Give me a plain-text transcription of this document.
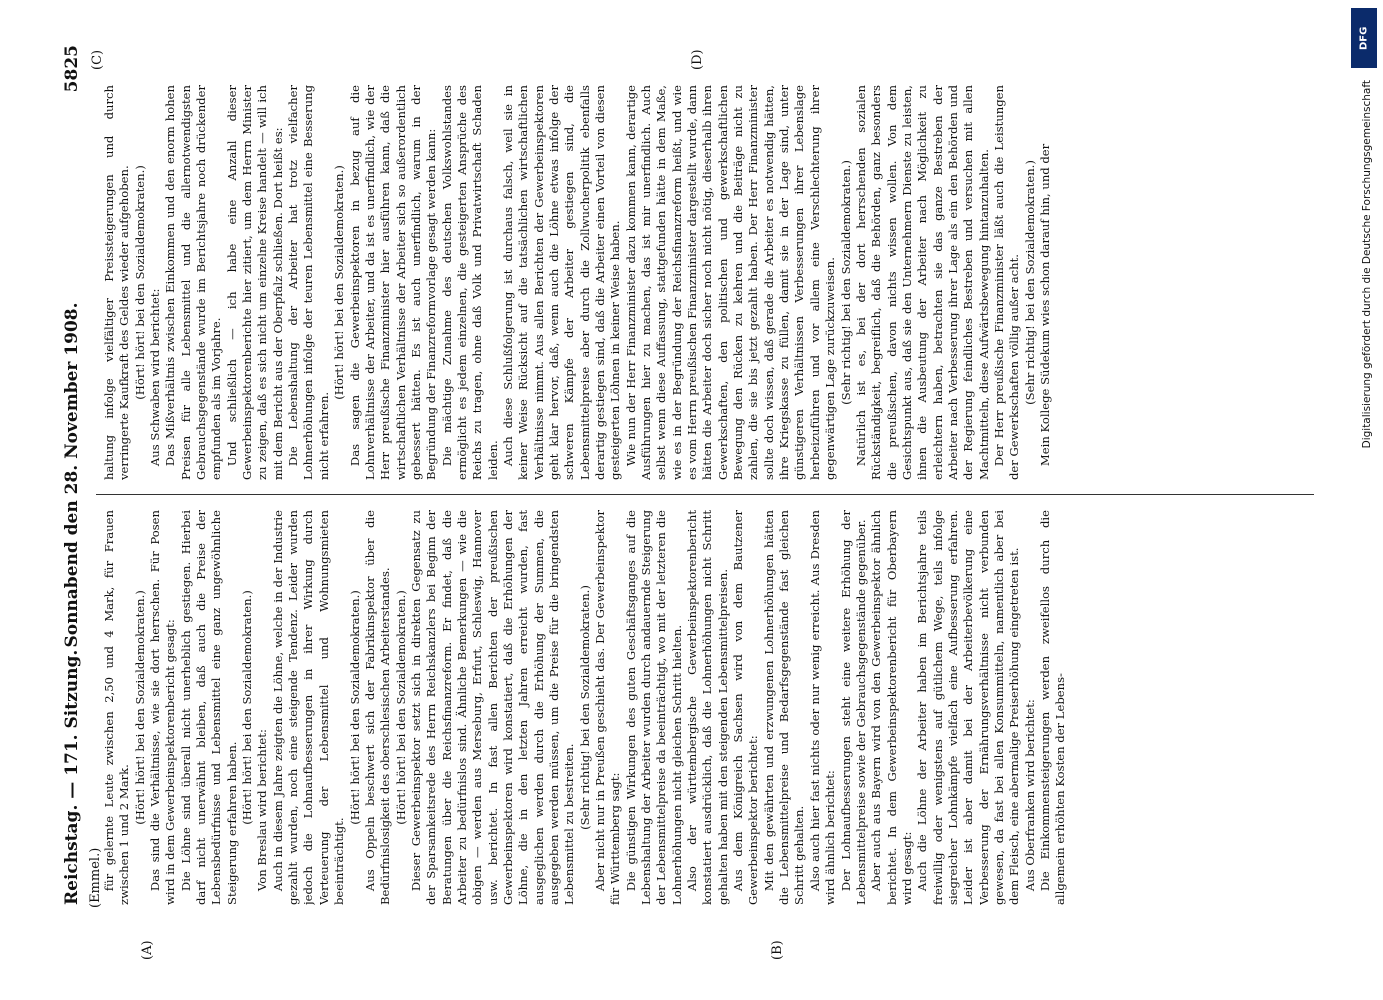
Reichstag. — 171. Sitzung.
Sonnabend den 28. November 1908.
5825
(Emmel.)
(A)	(B)
(C)	(D)

für gelernte Leute zwischen 2,50 und 4 Mark, für Frauen zwischen 1 und 2 Mark.

(Hört! hört! bei den Sozialdemokraten.) Das sind die Verhältnisse, wie sie dort herrschen. Für Posen wird in dem Gewerbeinspektorenbericht gesagt: Die Löhne sind überall nicht unerheblich gestiegen. Hierbei darf nicht unerwähnt bleiben, daß auch die Preise der Lebensbedürfnisse und Lebensmittel eine ganz ungewöhnliche Steigerung erfahren haben. (Hört! hört! bei den Sozialdemokraten.) Von Breslau wird berichtet: Auch in diesem Jahre zeigten die Löhne, welche in der Industrie gezahlt wurden, noch eine steigende Tendenz. Leider wurden jedoch die Lohnaufbesserungen in ihrer Wirkung durch Verteuerung der Lebensmittel und Wohnungsmieten beeinträchtigt.

(Hört! hört! bei den Sozialdemokraten.) Aus Oppeln beschwert sich der Fabrikinspektor über die Bedürfnislosigkeit des oberschlesischen Arbeiterstandes. (Hört! hört! bei den Sozialdemokraten.) Dieser Gewerbeinspektor setzt sich in direkten Gegensatz zu der Sparsamkeitsrede des Herrn Reichskanzlers bei Beginn der Beratungen über die Reichsfinanzreform. Er findet, daß die Arbeiter zu bedürfnislos sind. Ähnliche Bemerkungen — wie die obigen — werden aus Merseburg, Erfurt, Schleswig, Hannover usw. berichtet. In fast allen Berichten der preußischen Gewerbeinspektoren wird konstatiert, daß die Erhöhungen der Löhne, die in den letzten Jahren erreicht wurden, fast ausgeglichen werden durch die Erhöhung der Summen, die ausgegeben werden müssen, um die Preise für die bringendsten Lebensmittel zu bestreiten. (Sehr richtig! bei den Sozialdemokraten.) Aber nicht nur in Preußen geschieht das. Der Gewerbeinspektor für Württemberg sagt: Die günstigen Wirkungen des guten Geschäftsganges auf die Lebenshaltung der Arbeiter wurden durch andauernde Steigerung der Lebensmittelpreise da beeinträchtigt, wo mit der letzteren die Lohnerhöhungen nicht gleichen Schritt hielten. Also der württembergische Gewerbeinspektorenbericht konstatiert ausdrücklich, daß die Lohnerhöhungen nicht Schritt gehalten haben mit den steigenden Lebensmittelpreisen. Aus dem Königreich Sachsen wird von dem Bautzener Gewerbeinspektor berichtet: Mit den gewährten und erzwungenen Lohnerhöhungen hätten die Lebensmittelpreise und Bedarfsgegenstände fast gleichen Schritt gehalten. Also auch hier fast nichts oder nur wenig erreicht. Aus Dresden wird ähnlich berichtet: Der Lohnaufbesserungen steht eine weitere Erhöhung der Lebensmittelpreise sowie der Gebrauchsgegenstände gegenüber. Aber auch aus Bayern wird von den Gewerbeinspektor ähnlich berichtet. In dem Gewerbeinspektorenbericht für Oberbayern wird gesagt: Auch die Löhne der Arbeiter haben im Berichtsjahre teils freiwillig oder wenigstens auf gütlichem Wege, teils infolge siegreicher Lohnkämpfe vielfach eine Aufbesserung erfahren. Leider ist aber damit bei der Arbeiterbevölkerung eine Verbesserung der Ernährungsverhältnisse nicht verbunden gewesen, da fast bei allen Konsummitteln, namentlich aber bei dem Fleisch, eine abermalige Preiserhöhung eingetreten ist. Aus Oberfranken wird berichtet: Die Einkommensteigerungen werden zweifellos durch die allgemein erhöhten Kosten der Lebens-

haltung infolge vielfältiger Preissteigerungen und durch verringerte Kaufkraft des Geldes wieder aufgehoben. (Hört! hört! bei den Sozialdemokraten.) Aus Schwaben wird berichtet: Das Mißverhältnis zwischen Einkommen und den enorm hohen Preisen für alle Lebensmittel und die allernotwendigsten Gebrauchsgegenstände wurde im Berichtsjahre noch drückender empfunden als im Vorjahre. Und schließlich — ich habe eine Anzahl dieser Gewerbeinspektorenberichte hier zitiert, um dem Herrn Minister zu zeigen, daß es sich nicht um einzelne Kreise handelt — will ich mit dem Bericht aus der Oberpfalz schließen. Dort heißt es: Die Lebenshaltung der Arbeiter hat trotz vielfacher Lohnerhöhungen infolge der teuren Lebensmittel eine Besserung nicht erfahren.

(Hört! hört! bei den Sozialdemokraten.) Das sagen die Gewerbeinspektoren in bezug auf die Lohnverhältnisse der Arbeiter, und da ist es unerfindlich, wie der Herr preußische Finanzminister hier ausführen kann, daß die wirtschaftlichen Verhältnisse der Arbeiter sich so außerordentlich gebessert hätten. Es ist auch unerfindlich, warum in der Begründung der Finanzreformvorlage gesagt werden kann: Die mächtige Zunahme des deutschen Volkswohlstandes ermöglicht es jedem einzelnen, die gesteigerten Ansprüche des Reichs zu tragen, ohne daß Volk und Privatwirtschaft Schaden leiden. Auch diese Schlußfolgerung ist durchaus falsch, weil sie in keiner Weise Rücksicht auf die tatsächlichen wirtschaftlichen Verhältnisse nimmt. Aus allen Berichten der Gewerbeinspektoren geht klar hervor, daß, wenn auch die Löhne etwas infolge der schweren Kämpfe der Arbeiter gestiegen sind, die Lebensmittelpreise aber durch die Zollwucherpolitik ebenfalls derartig gestiegen sind, daß die Arbeiter einen Vorteil von diesen gesteigerten Löhnen in keiner Weise haben. Wie nun der Herr Finanzminister dazu kommen kann, derartige Ausführungen hier zu machen, das ist mir unerfindlich. Auch selbst wenn diese Auffassung, stattgefunden hätte in dem Maße, wie es in der Begründung der Reichsfinanzreform heißt, und wie es vom Herrn preußischen Finanzminister dargestellt wurde, dann hätten die Arbeiter doch sicher noch nicht nötig, dieserhalb ihren Gewerkschaften, den politischen und gewerkschaftlichen Bewegung den Rücken zu kehren und die Beiträge nicht zu zahlen, die sie bis jetzt gezahlt haben. Der Herr Finanzminister sollte doch wissen, daß gerade die Arbeiter es notwendig hätten, ihre Kriegskasse zu füllen, damit sie in der Lage sind, unter günstigeren Verhältnissen Verbesserungen ihrer Lebenslage herbeizuführen und vor allem eine Verschlechterung ihrer gegenwärtigen Lage zurückzuweisen. (Sehr richtig! bei den Sozialdemokraten.) Natürlich ist es, bei der dort herrschenden sozialen Rückständigkeit, begreiflich, daß die Behörden, ganz besonders die preußischen, davon nichts wissen wollen. Von dem Gesichtspunkt aus, daß sie den Unternehmern Dienste zu leisten, ihnen die Ausbeutung der Arbeiter nach Möglichkeit zu erleichtern haben, betrachten sie das ganze Bestreben der Arbeiter nach Verbesserung ihrer Lage als ein den Behörden und der Regierung feindliches Bestreben und versuchen mit allen Machtmitteln, diese Aufwärtsbewegung hintanzuhalten. Der Herr preußische Finanzminister läßt auch die Leistungen der Gewerkschaften völlig außer acht. (Sehr richtig! bei den Sozialdemokraten.) Mein Kollege Südekum wies schon darauf hin, und der

DFG
Digitalisierung gefördert durch die Deutsche Forschungsgemeinschaft
